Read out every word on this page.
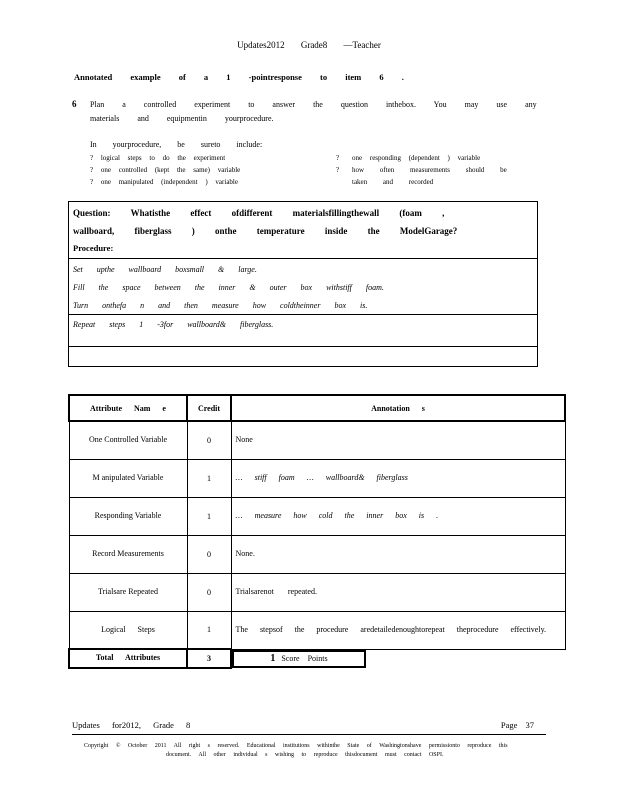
Updates2012 Grade8 —Teacher
Annotated example of a 1 -pointresponse to item 6 .
6 Plan a controlled experiment to answer the question inthebox. You may use any
materials and equipmentin yourprocedure.
In yourprocedure, be sureto include:
? logical steps to do the experiment
? one controlled (kept the same) variable
? one manipulated (independent ) variable
?
?
one responding (dependent ) variable
how often measurements should be
taken and recorded
Question: Whatisthe effect ofdifferent materialsfillingthewall (foam ,
wallboard, fiberglass ) onthe temperature inside the ModelGarage?
Procedure:
Set upthe wallboard boxsmall & large.
Fill the space between the inner & outer box withstiff foam.
Turn onthefa n and then measure how coldtheinner box is.
Repeat steps 1 -3for wallboard& fiberglass.
Attribute Nam e	Credit	Annotation s
One Controlled Variable	0	None
M anipulated Variable	1	… stiff foam … wallboard& fiberglass
Responding Variable	1	… measure how cold the inner box is .
Record Measurements	0	None.
Trialsare Repeated	0	Trialsarenot repeated.
Logical Steps	1	The stepsof the procedure aredetailedenoughtorepeat theprocedure effectively.
Total Attributes	3	1 Score Points
Updates for2012, Grade 8	Page 37
Copyright © October 2011 All right s reserved. Educational institutions withinthe State of Washingtonshave permissionto reproduce this
document. All other individual s wishing to reproduce thisdocument must contact OSPI.
